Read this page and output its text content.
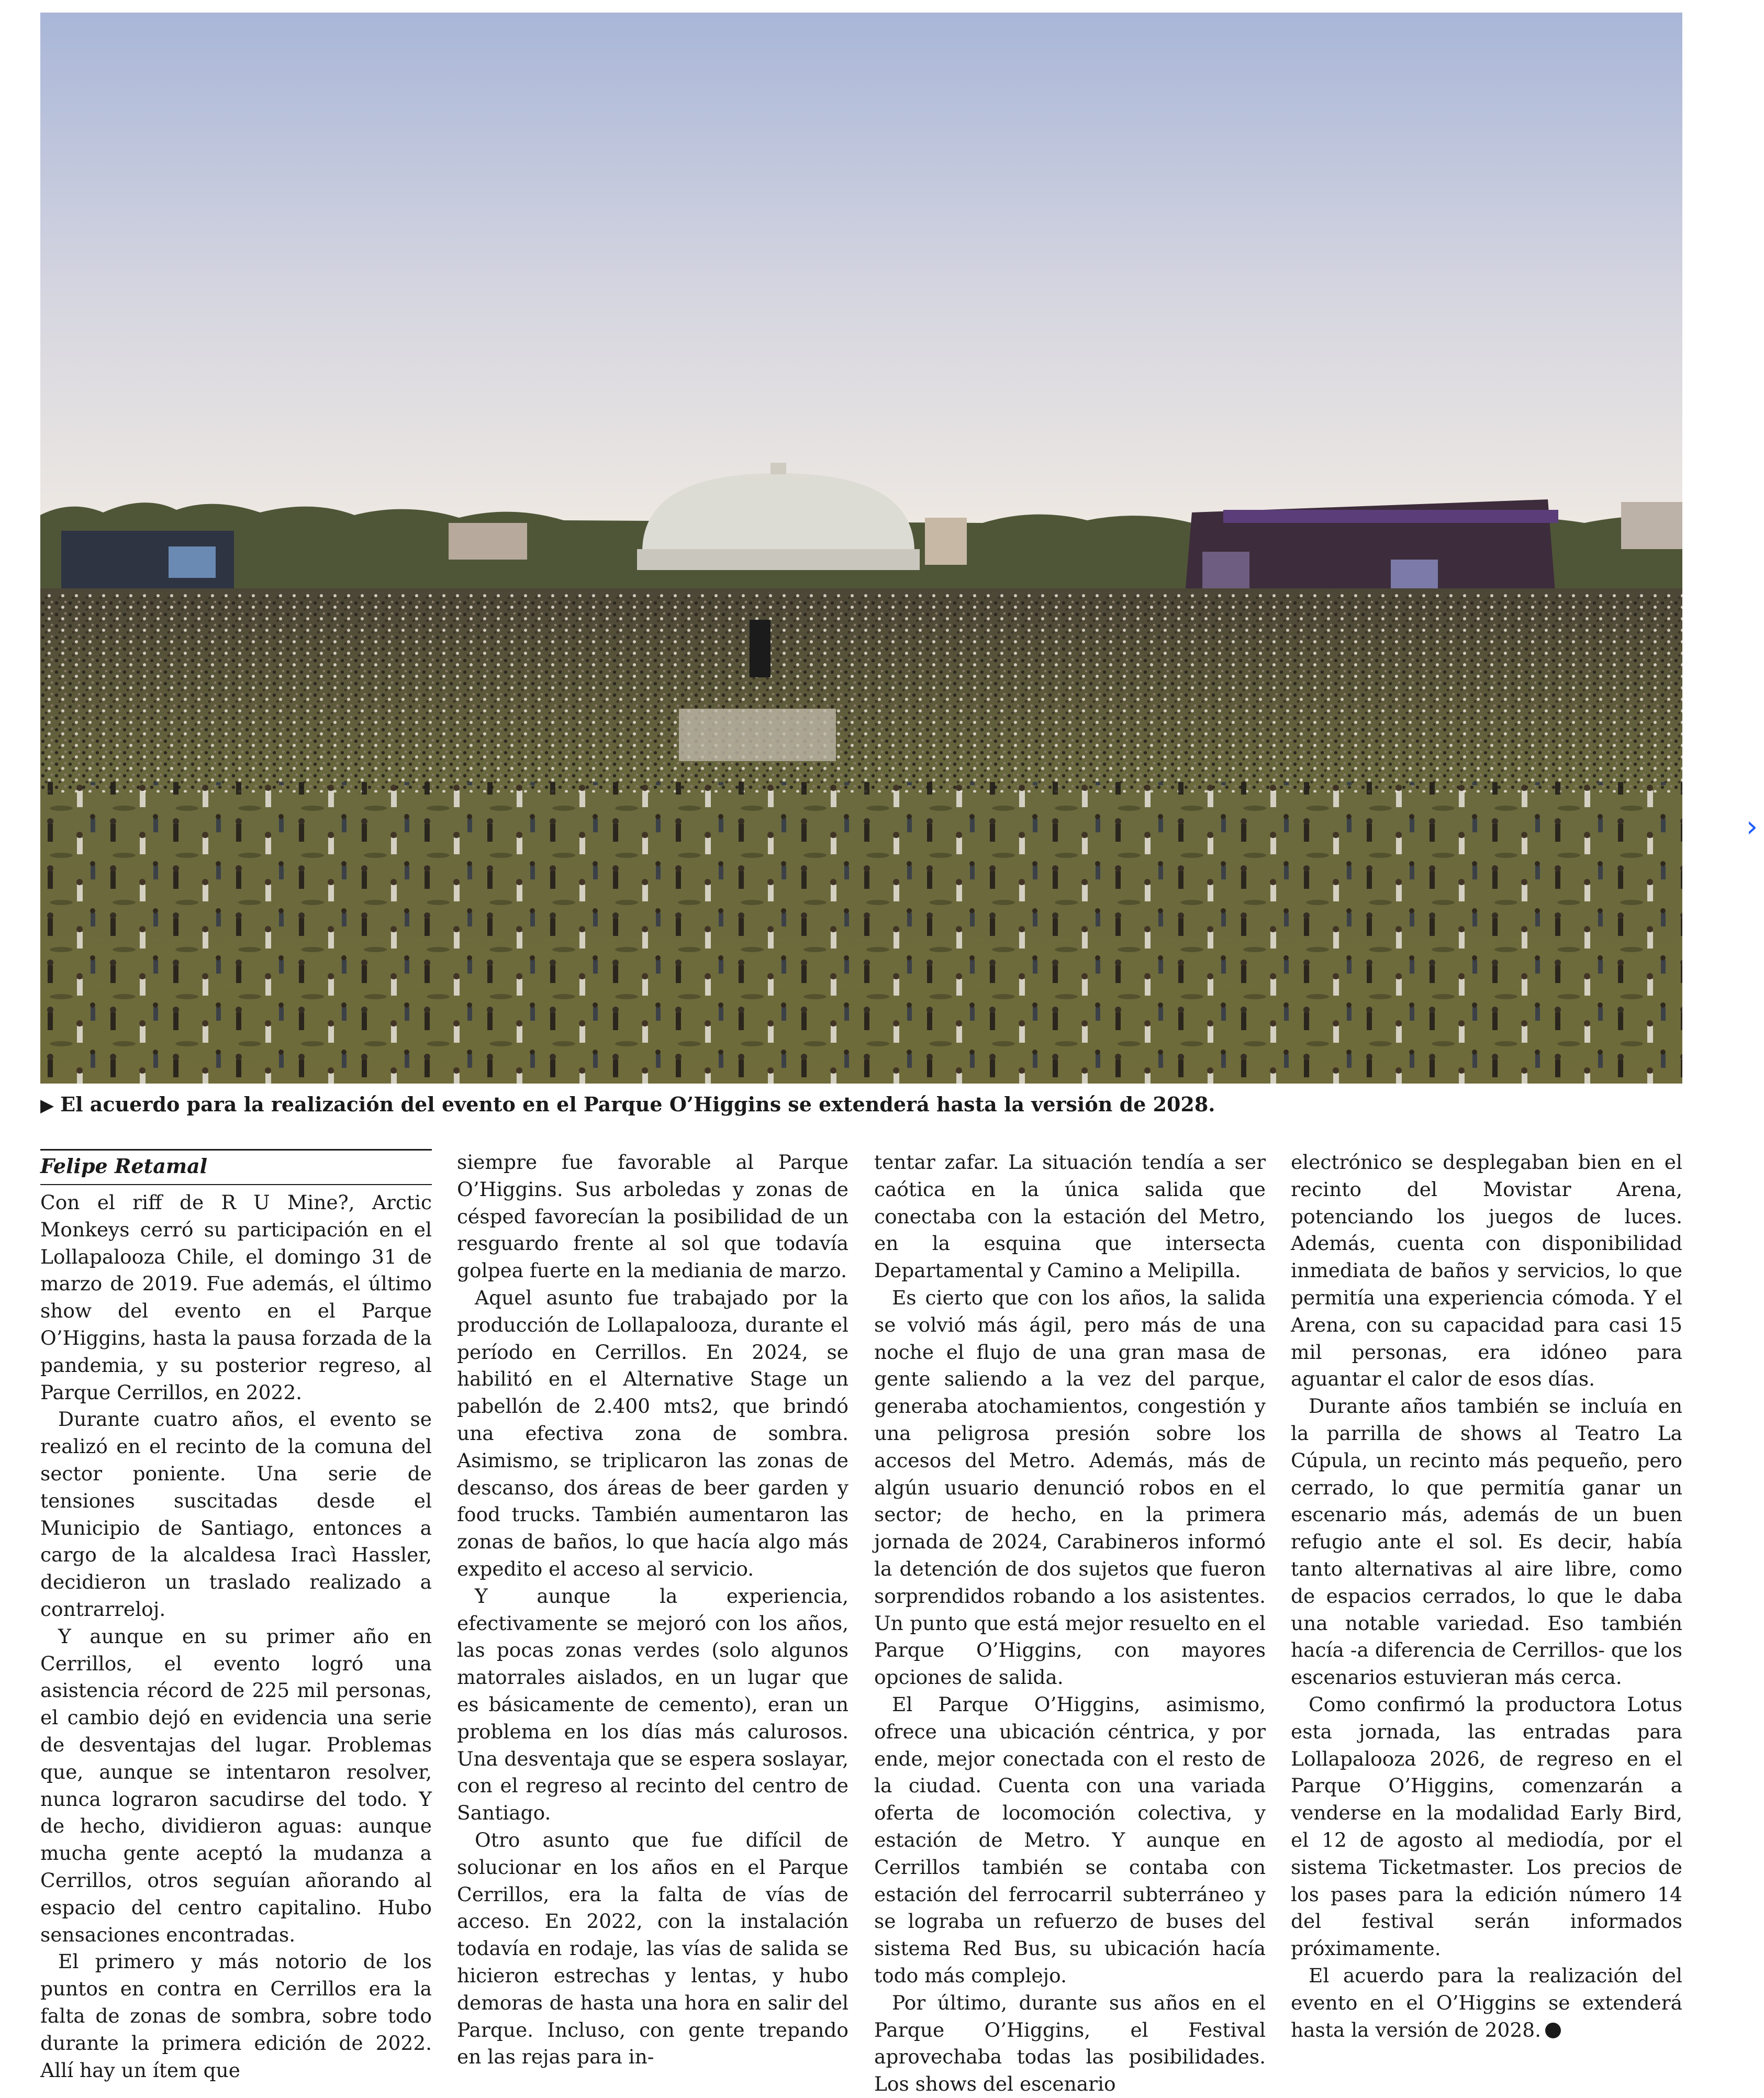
›
▶ El acuerdo para la realización del evento en el Parque O’Higgins se extenderá hasta la versión de 2028.
Felipe Retamal

Con el riff de R U Mine?, Arctic Monkeys cerró su participación en el Lollapalooza Chile, el domingo 31 de marzo de 2019. Fue además, el último show del evento en el Parque O’Higgins, hasta la pausa forzada de la pandemia, y su posterior regreso, al Parque Cerrillos, en 2022.

Durante cuatro años, el evento se realizó en el recinto de la comuna del sector poniente. Una serie de tensiones suscitadas desde el Municipio de Santiago, entonces a cargo de la alcaldesa Iracì Hassler, decidieron un traslado realizado a contrarreloj.

Y aunque en su primer año en Cerrillos, el evento logró una asistencia récord de 225 mil personas, el cambio dejó en evidencia una serie de desventajas del lugar. Problemas que, aunque se intentaron resolver, nunca lograron sacudirse del todo. Y de hecho, dividieron aguas: aunque mucha gente aceptó la mudanza a Cerrillos, otros seguían añorando al espacio del centro capitalino. Hubo sensaciones encontradas.

El primero y más notorio de los puntos en contra en Cerrillos era la falta de zonas de sombra, sobre todo durante la primera edición de 2022. Allí hay un ítem que

siempre fue favorable al Parque O’Higgins. Sus arboledas y zonas de césped favorecían la posibilidad de un resguardo frente al sol que todavía golpea fuerte en la mediania de marzo.

Aquel asunto fue trabajado por la producción de Lollapalooza, durante el período en Cerrillos. En 2024, se habilitó en el Alternative Stage un pabellón de 2.400 mts2, que brindó una efectiva zona de sombra. Asimismo, se triplicaron las zonas de descanso, dos áreas de beer garden y food trucks. También aumentaron las zonas de baños, lo que hacía algo más expedito el acceso al servicio.

Y aunque la experiencia, efectivamente se mejoró con los años, las pocas zonas verdes (solo algunos matorrales aislados, en un lugar que es básicamente de cemento), eran un problema en los días más calurosos. Una desventaja que se espera soslayar, con el regreso al recinto del centro de Santiago.

Otro asunto que fue difícil de solucionar en los años en el Parque Cerrillos, era la falta de vías de acceso. En 2022, con la instalación todavía en rodaje, las vías de salida se hicieron estrechas y lentas, y hubo demoras de hasta una hora en salir del Parque. Incluso, con gente trepando en las rejas para in-

tentar zafar. La situación tendía a ser caótica en la única salida que conectaba con la estación del Metro, en la esquina que intersecta Departamental y Camino a Melipilla.

Es cierto que con los años, la salida se volvió más ágil, pero más de una noche el flujo de una gran masa de gente saliendo a la vez del parque, generaba atochamientos, congestión y una peligrosa presión sobre los accesos del Metro. Además, más de algún usuario denunció robos en el sector; de hecho, en la primera jornada de 2024, Carabineros informó la detención de dos sujetos que fueron sorprendidos robando a los asistentes. Un punto que está mejor resuelto en el Parque O’Higgins, con mayores opciones de salida.

El Parque O’Higgins, asimismo, ofrece una ubicación céntrica, y por ende, mejor conectada con el resto de la ciudad. Cuenta con una variada oferta de locomoción colectiva, y estación de Metro. Y aunque en Cerrillos también se contaba con estación del ferrocarril subterráneo y se lograba un refuerzo de buses del sistema Red Bus, su ubicación hacía todo más complejo.

Por último, durante sus años en el Parque O’Higgins, el Festival aprovechaba todas las posibilidades. Los shows del escenario

electrónico se desplegaban bien en el recinto del Movistar Arena, potenciando los juegos de luces. Además, cuenta con disponibilidad inmediata de baños y servicios, lo que permitía una experiencia cómoda. Y el Arena, con su capacidad para casi 15 mil personas, era idóneo para aguantar el calor de esos días.

Durante años también se incluía en la parrilla de shows al Teatro La Cúpula, un recinto más pequeño, pero cerrado, lo que permitía ganar un escenario más, además de un buen refugio ante el sol. Es decir, había tanto alternativas al aire libre, como de espacios cerrados, lo que le daba una notable variedad. Eso también hacía -a diferencia de Cerrillos- que los escenarios estuvieran más cerca.

Como confirmó la productora Lotus esta jornada, las entradas para Lollapalooza 2026, de regreso en el Parque O’Higgins, comenzarán a venderse en la modalidad Early Bird, el 12 de agosto al mediodía, por el sistema Ticketmaster. Los precios de los pases para la edición número 14 del festival serán informados próximamente.

El acuerdo para la realización del evento en el O’Higgins se extenderá hasta la versión de 2028.
